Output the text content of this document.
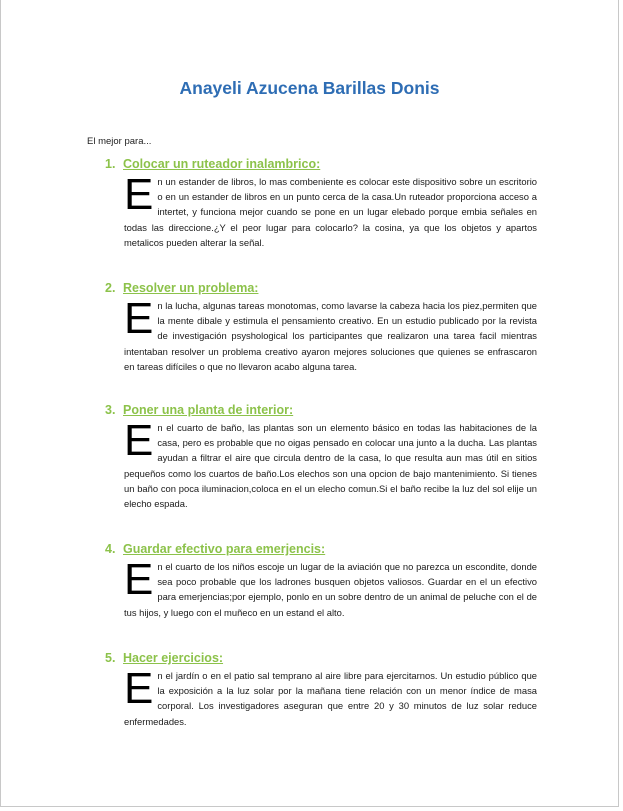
Anayeli Azucena Barillas Donis
El mejor para...
1. Colocar un ruteador inalambrico:
En un estander de libros, lo mas combeniente es colocar este dispositivo sobre un escritorio o en un estander de libros en un punto cerca de la casa.Un ruteador proporciona acceso a intertet, y funciona mejor cuando se pone en un lugar elebado porque embia señales en todas las direccione.¿Y el peor lugar para colocarlo? la cosina, ya que los objetos y apartos metalicos pueden alterar la señal.
2. Resolver un problema:
En la lucha, algunas tareas monotomas, como lavarse la cabeza hacia los piez,permiten que la mente dibale y estimula el pensamiento creativo. En un estudio publicado por la revista de investigación psyshological los participantes que realizaron una tarea facil mientras intentaban resolver un problema creativo ayaron mejores soluciones que quienes se enfrascaron en tareas difíciles o que no llevaron acabo alguna tarea.
3. Poner una planta de interior:
En el cuarto de baño, las plantas son un elemento básico en todas las habitaciones de la casa, pero es probable que no oigas pensado en colocar una junto a la ducha. Las plantas ayudan a filtrar el aire que circula dentro de la casa, lo que resulta aun mas útil en sitios pequeños como los cuartos de baño.Los elechos son una opcion de bajo mantenimiento. Si tienes un baño con poca iluminacion,coloca en el un elecho comun.Si el baño recibe la luz del sol elije un elecho espada.
4. Guardar efectivo para emerjencis:
En el cuarto de los niños escoje un lugar de la aviación que no parezca un escondite, donde sea poco probable que los ladrones busquen objetos valiosos. Guardar en el un efectivo para emerjencias;por ejemplo, ponlo en un sobre dentro de un animal de peluche con el de tus hijos, y luego con el muñeco en un estand el alto.
5. Hacer ejercicios:
En el jardín o en el patio sal temprano al aire libre para ejercitarnos. Un estudio público que la exposición a la luz solar por la mañana tiene relación con un menor índice de masa corporal. Los investigadores aseguran que entre 20 y 30 minutos de luz solar reduce enfermedades.
